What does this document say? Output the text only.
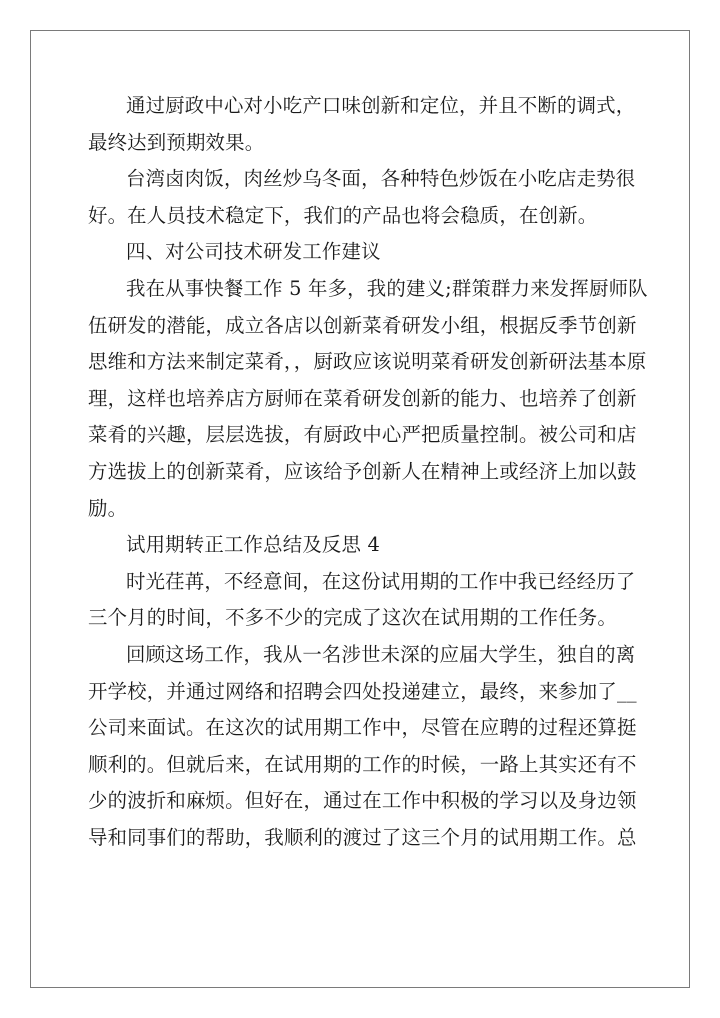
通过厨政中心对小吃产口味创新和定位，并且不断的调式，
最终达到预期效果。
台湾卤肉饭，肉丝炒乌冬面，各种特色炒饭在小吃店走势很
好。在人员技术稳定下，我们的产品也将会稳质，在创新。
四、对公司技术研发工作建议
我在从事快餐工作 5 年多，我的建义;群策群力来发挥厨师队
伍研发的潜能，成立各店以创新菜肴研发小组，根据反季节创新
思维和方法来制定菜肴，，厨政应该说明菜肴研发创新研法基本原
理，这样也培养店方厨师在菜肴研发创新的能力、也培养了创新
菜肴的兴趣，层层选拔，有厨政中心严把质量控制。被公司和店
方选拔上的创新菜肴，应该给予创新人在精神上或经济上加以鼓
励。
试用期转正工作总结及反思 4
时光荏苒，不经意间，在这份试用期的工作中我已经经历了
三个月的时间，不多不少的完成了这次在试用期的工作任务。
回顾这场工作，我从一名涉世未深的应届大学生，独自的离
开学校，并通过网络和招聘会四处投递建立，最终，来参加了__
公司来面试。在这次的试用期工作中，尽管在应聘的过程还算挺
顺利的。但就后来，在试用期的工作的时候，一路上其实还有不
少的波折和麻烦。但好在，通过在工作中积极的学习以及身边领
导和同事们的帮助，我顺利的渡过了这三个月的试用期工作。总
